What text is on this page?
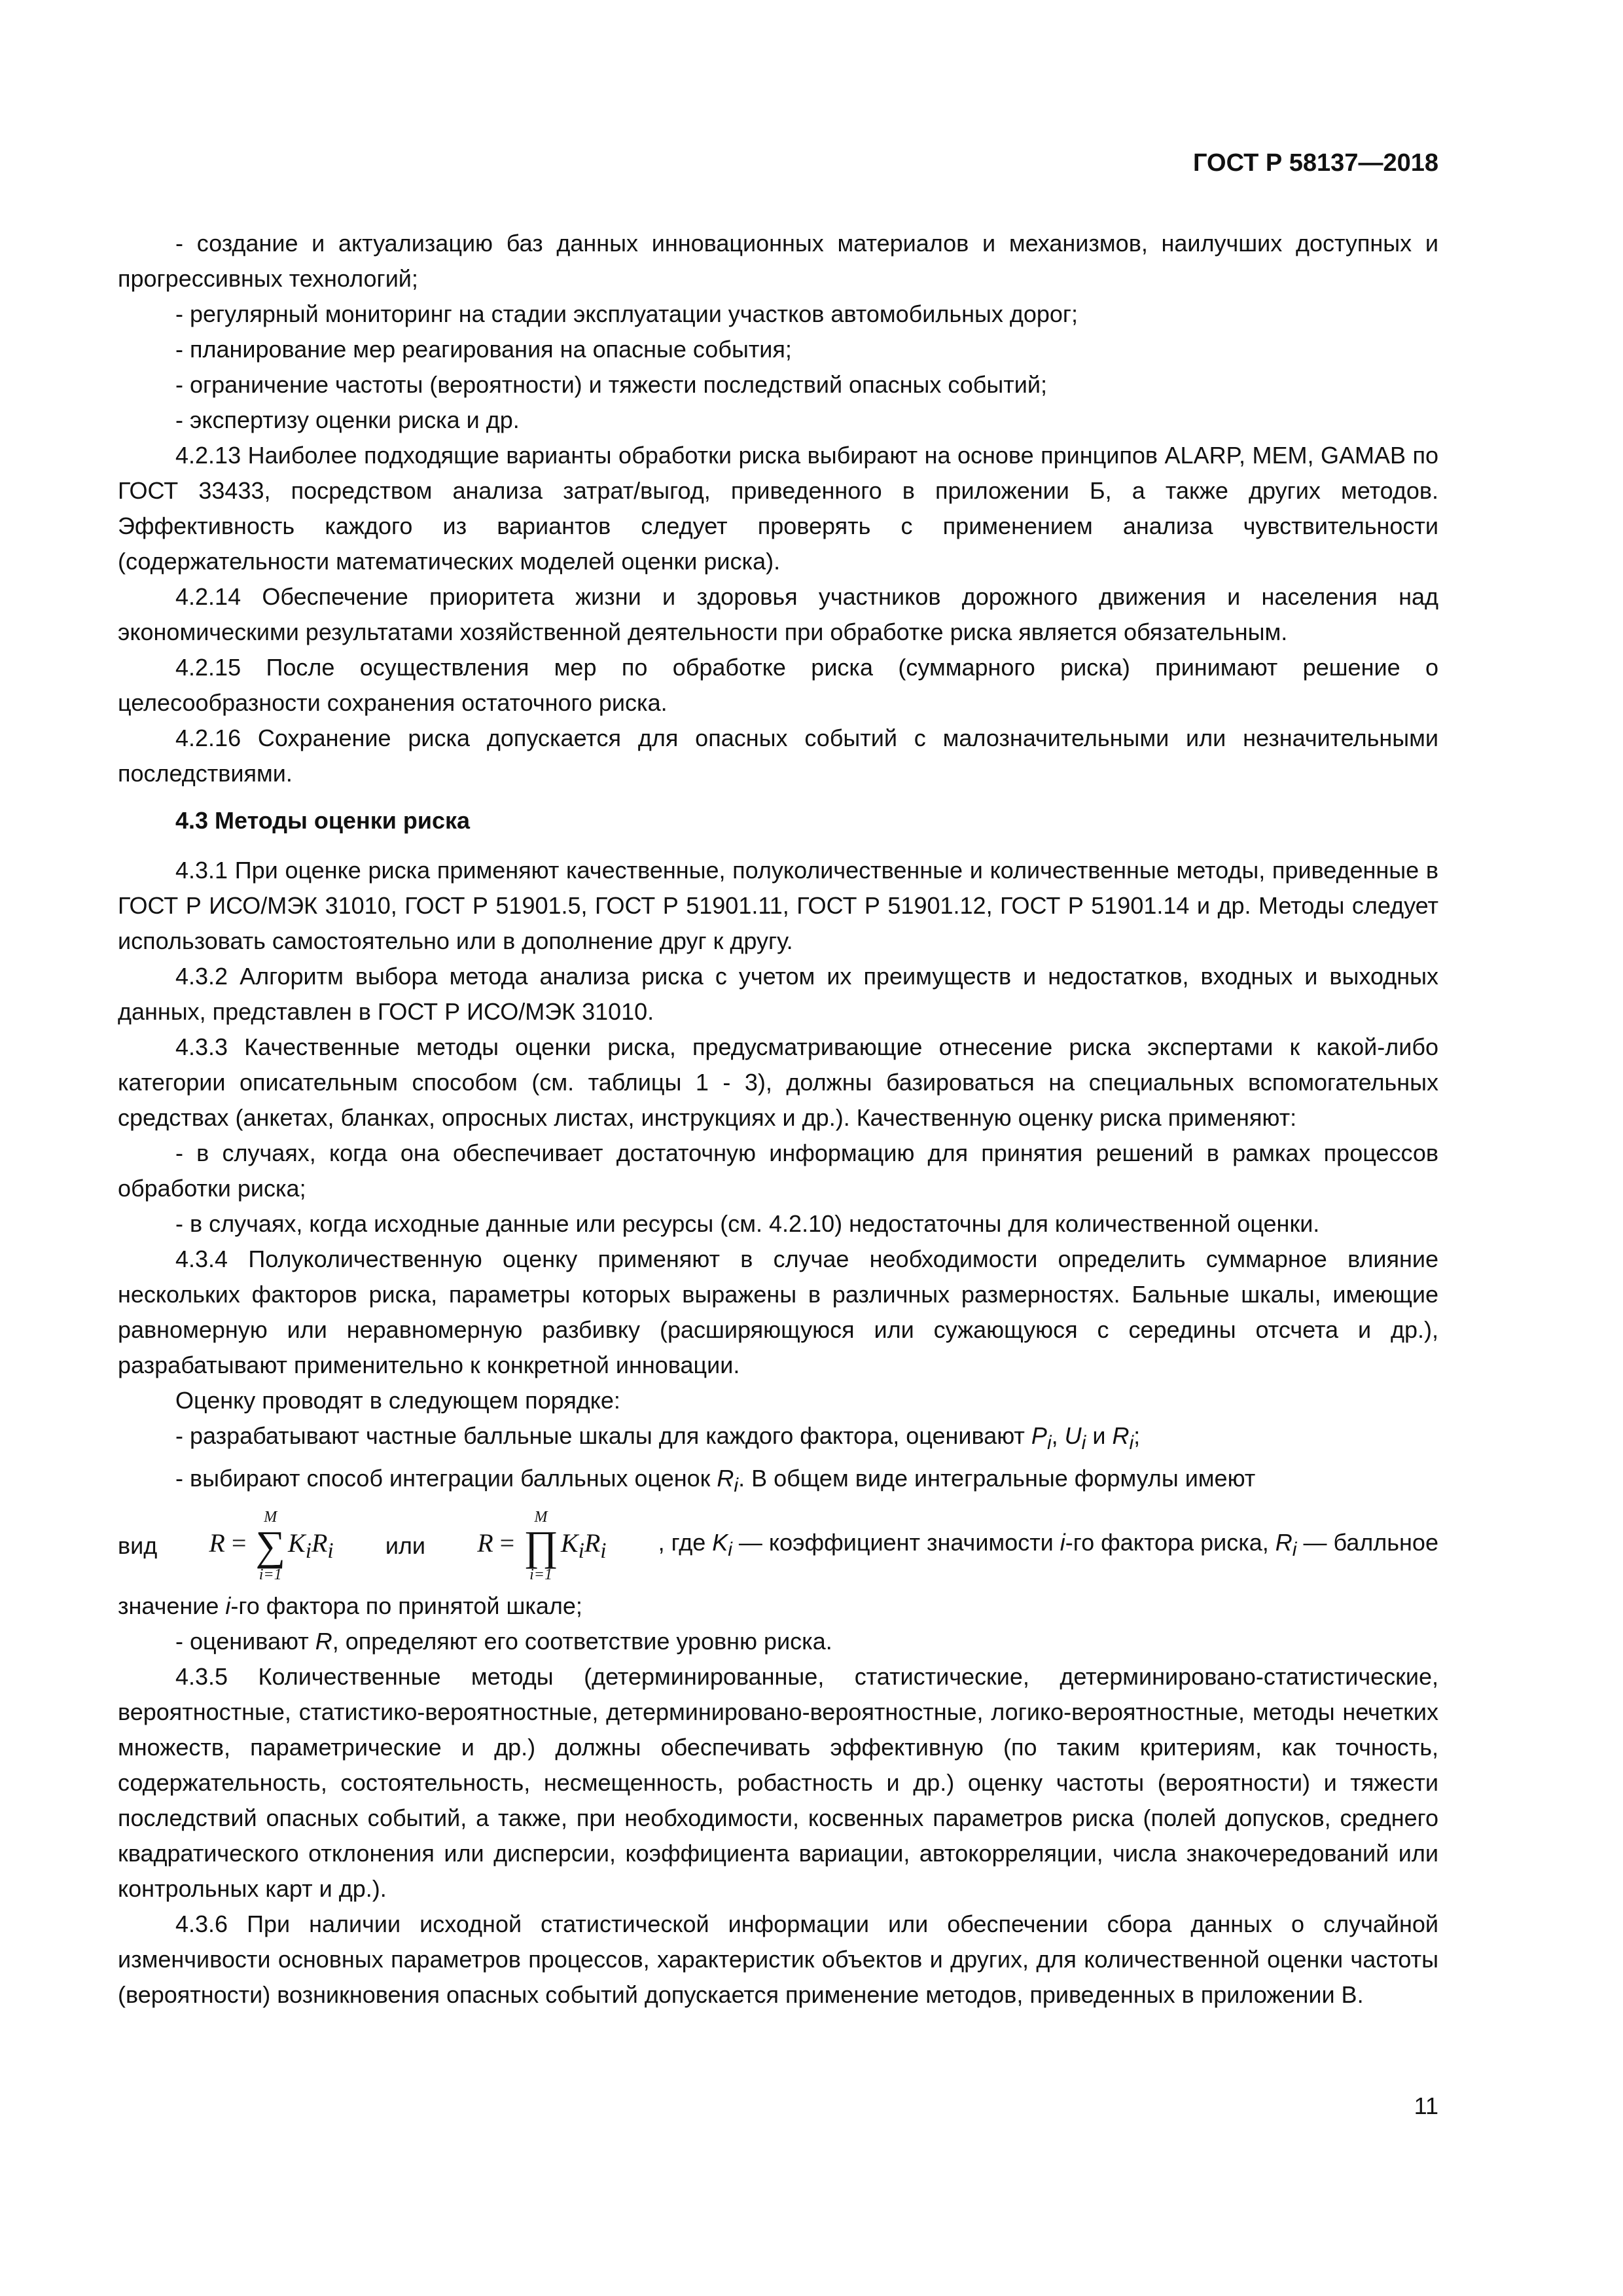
ГОСТ Р 58137—2018

- создание и актуализацию баз данных инновационных материалов и механизмов, наилучших доступных и прогрессивных технологий;

- регулярный мониторинг на стадии эксплуатации участков автомобильных дорог;

- планирование мер реагирования на опасные события;

- ограничение частоты (вероятности) и тяжести последствий опасных событий;

- экспертизу оценки риска и др.

4.2.13 Наиболее подходящие варианты обработки риска выбирают на основе принципов ALARP, MEM, GAMAB по ГОСТ 33433, посредством анализа затрат/выгод, приведенного в приложении Б, а также других методов. Эффективность каждого из вариантов следует проверять с применением анализа чувствительности (содержательности математических моделей оценки риска).

4.2.14 Обеспечение приоритета жизни и здоровья участников дорожного движения и населения над экономическими результатами хозяйственной деятельности при обработке риска является обязательным.

4.2.15 После осуществления мер по обработке риска (суммарного риска) принимают решение о целесообразности сохранения остаточного риска.

4.2.16 Сохранение риска допускается для опасных событий с малозначительными или незначительными последствиями.

4.3 Методы оценки риска

4.3.1 При оценке риска применяют качественные, полуколичественные и количественные методы, приведенные в ГОСТ Р ИСО/МЭК 31010, ГОСТ Р 51901.5, ГОСТ Р 51901.11, ГОСТ Р 51901.12, ГОСТ Р 51901.14 и др. Методы следует использовать самостоятельно или в дополнение друг к другу.

4.3.2 Алгоритм выбора метода анализа риска с учетом их преимуществ и недостатков, входных и выходных данных, представлен в ГОСТ Р ИСО/МЭК 31010.

4.3.3 Качественные методы оценки риска, предусматривающие отнесение риска экспертами к какой-либо категории описательным способом (см. таблицы 1 - 3), должны базироваться на специальных вспомогательных средствах (анкетах, бланках, опросных листах, инструкциях и др.). Качественную оценку риска применяют:

- в случаях, когда она обеспечивает достаточную информацию для принятия решений в рамках процессов обработки риска;

- в случаях, когда исходные данные или ресурсы (см. 4.2.10) недостаточны для количественной оценки.

4.3.4 Полуколичественную оценку применяют в случае необходимости определить суммарное влияние нескольких факторов риска, параметры которых выражены в различных размерностях. Бальные шкалы, имеющие равномерную или неравномерную разбивку (расширяющуюся или сужающуюся с середины отсчета и др.), разрабатывают применительно к конкретной инновации.

Оценку проводят в следующем порядке:

- разрабатывают частные балльные шкалы для каждого фактора, оценивают $P_i$, $U_i$ и $R_i$;

- выбирают способ интеграции балльных оценок $R_i$. В общем виде интегральные формулы имеют

вид R =
M
∑
i=1
$K_iR_i$ или R =
M
∏
i=1
$K_iR_i$ , где $K_i$ — коэффициент значимости i-го фактора риска, $R_i$ — балльное

значение i-го фактора по принятой шкале;

- оценивают R, определяют его соответствие уровню риска.

4.3.5 Количественные методы (детерминированные, статистические, детерминировано-статистические, вероятностные, статистико-вероятностные, детерминировано-вероятностные, логико-вероятностные, методы нечетких множеств, параметрические и др.) должны обеспечивать эффективную (по таким критериям, как точность, содержательность, состоятельность, несмещенность, робастность и др.) оценку частоты (вероятности) и тяжести последствий опасных событий, а также, при необходимости, косвенных параметров риска (полей допусков, среднего квадратического отклонения или дисперсии, коэффициента вариации, автокорреляции, числа знакочередований или контрольных карт и др.).

4.3.6 При наличии исходной статистической информации или обеспечении сбора данных о случайной изменчивости основных параметров процессов, характеристик объектов и других, для количественной оценки частоты (вероятности) возникновения опасных событий допускается применение методов, приведенных в приложении В.

11
